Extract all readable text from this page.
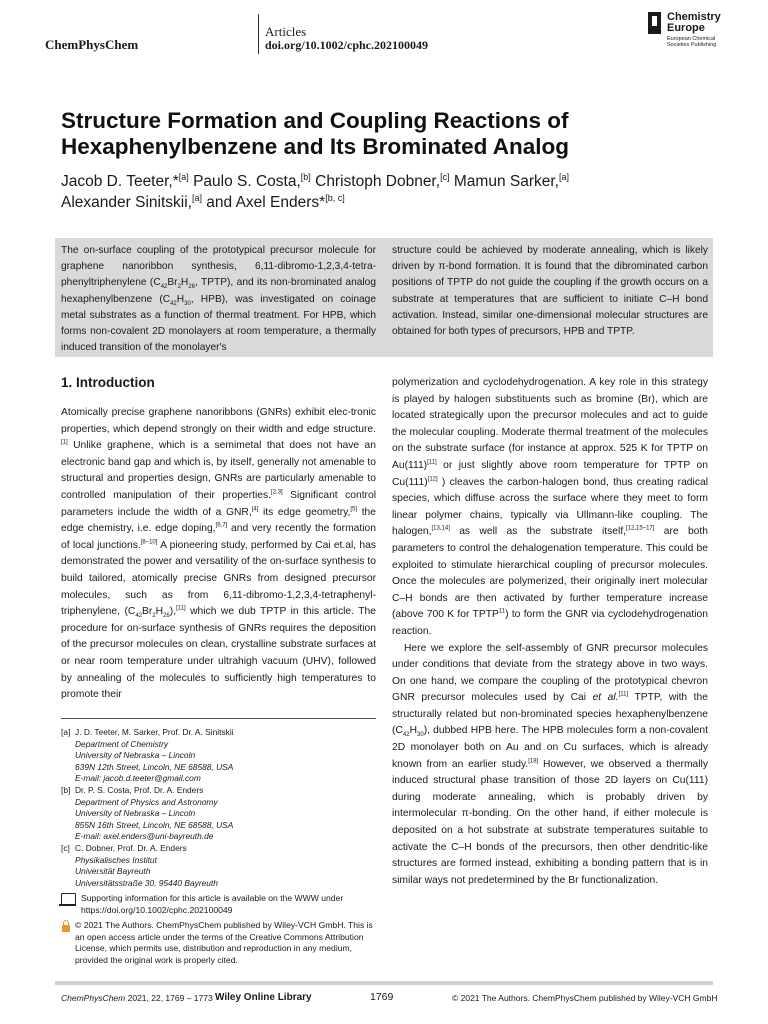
ChemPhysChem
Articles
doi.org/10.1002/cphc.202100049
Chemistry
Europe
European Chemical
Societies Publishing
Structure Formation and Coupling Reactions of
Hexaphenylbenzene and Its Brominated Analog
Jacob D. Teeter,*[a] Paulo S. Costa,[b] Christoph Dobner,[c] Mamun Sarker,[a]
Alexander Sinitskii,[a] and Axel Enders*[b, c]
The on-surface coupling of the prototypical precursor molecule for graphene nanoribbon synthesis, 6,11-dibromo-1,2,3,4-tetra-phenyltriphenylene ($C_{42}Br_2H_{26}$, TPTP), and its non-brominated analog hexaphenylbenzene ($C_{42}H_{30}$, HPB), was investigated on coinage metal substrates as a function of thermal treatment. For HPB, which forms non-covalent 2D monolayers at room temperature, a thermally induced transition of the monolayer's
structure could be achieved by moderate annealing, which is likely driven by π-bond formation. It is found that the dibrominated carbon positions of TPTP do not guide the coupling if the growth occurs on a substrate at temperatures that are sufficient to initiate C–H bond activation. Instead, similar one-dimensional molecular structures are obtained for both types of precursors, HPB and TPTP.
1. Introduction

Atomically precise graphene nanoribbons (GNRs) exhibit elec-tronic properties, which depend strongly on their width and edge structure.[1] Unlike graphene, which is a semimetal that does not have an electronic band gap and which is, by itself, generally not amenable to structural and properties design, GNRs are particularly amenable to controlled manipulation of their properties.[2,3] Significant control parameters include the width of a GNR,[4] its edge geometry,[5] the edge chemistry, i.e. edge doping,[6,7] and very recently the formation of local junctions.[8–10] A pioneering study, performed by Cai et.al, has demonstrated the power and versatility of the on-surface synthesis to build tailored, atomically precise GNRs from designed precursor molecules, such as from 6,11-dibromo-1,2,3,4-tetraphenyl-triphenylene, $(C_{42}Br_2H_{26}),[11]$ which we dub TPTP in this article. The procedure for on-surface synthesis of GNRs requires the deposition of the precursor molecules on clean, crystalline substrate surfaces at or near room temperature under ultrahigh vacuum (UHV), followed by annealing of the molecules to sufficiently high temperatures to promote their

polymerization and cyclodehydrogenation. A key role in this strategy is played by halogen substituents such as bromine (Br), which are located strategically upon the precursor molecules and act to guide the molecular coupling. Moderate thermal treatment of the molecules on the substrate surface (for instance at approx. 525 K for TPTP on Au(111)[11] or just slightly above room temperature for TPTP on Cu(111)[12] ) cleaves the carbon-halogen bond, thus creating radical species, which diffuse across the surface where they meet to form linear polymer chains, typically via Ullmann-like coupling. The halogen,[13,14] as well as the substrate itself,[12,15–17] are both parameters to control the dehalogenation temperature. This could be exploited to stimulate hierarchical coupling of precursor molecules. Once the molecules are polymerized, their originally inert molecular C–H bonds are then activated by further temperature increase (above 700 K for TPTP$^{11}$) to form the GNR via cyclodehydrogenation reaction.

Here we explore the self-assembly of GNR precursor molecules under conditions that deviate from the strategy above in two ways. On one hand, we compare the coupling of the prototypical chevron GNR precursor molecules used by Cai et al.[11] TPTP, with the structurally related but non-brominated species hexaphenylbenzene $(C_{42}H_{30})$, dubbed HPB here. The HPB molecules form a non-covalent 2D monolayer both on Au and on Cu surfaces, which is already known from an earlier study.[18] However, we observed a thermally induced structural phase transition of those 2D layers on Cu(111) during moderate annealing, which is probably driven by intermolecular π-bonding. On the other hand, if either molecule is deposited on a hot substrate at substrate temperatures suitable to activate the C–H bonds of the precursors, then other dendritic-like structures are formed instead, exhibiting a bonding pattern that is in similar ways not predetermined by the Br functionalization.

[a] J. D. Teeter, M. Sarker, Prof. Dr. A. Sinitskii
Department of Chemistry
University of Nebraska – Lincoln
639N 12th Street, Lincoln, NE 68588, USA
E-mail: jacob.d.teeter@gmail.com
[b] Dr. P. S. Costa, Prof. Dr. A. Enders
Department of Physics and Astronomy
University of Nebraska – Lincoln
855N 16th Street, Lincoln, NE 68588, USA
E-mail: axel.enders@uni-bayreuth.de
[c] C. Dobner, Prof. Dr. A. Enders
Physikalisches Institut
Universität Bayreuth
Universitätsstraße 30, 95440 Bayreuth
Supporting information for this article is available on the WWW under https://doi.org/10.1002/cphc.202100049
© 2021 The Authors. ChemPhysChem published by Wiley-VCH GmbH. This is an open access article under the terms of the Creative Commons Attribution License, which permits use, distribution and reproduction in any medium, provided the original work is properly cited.
ChemPhysChem 2021, 22, 1769 – 1773 Wiley Online Library	1769	© 2021 The Authors. ChemPhysChem published by Wiley-VCH GmbH
